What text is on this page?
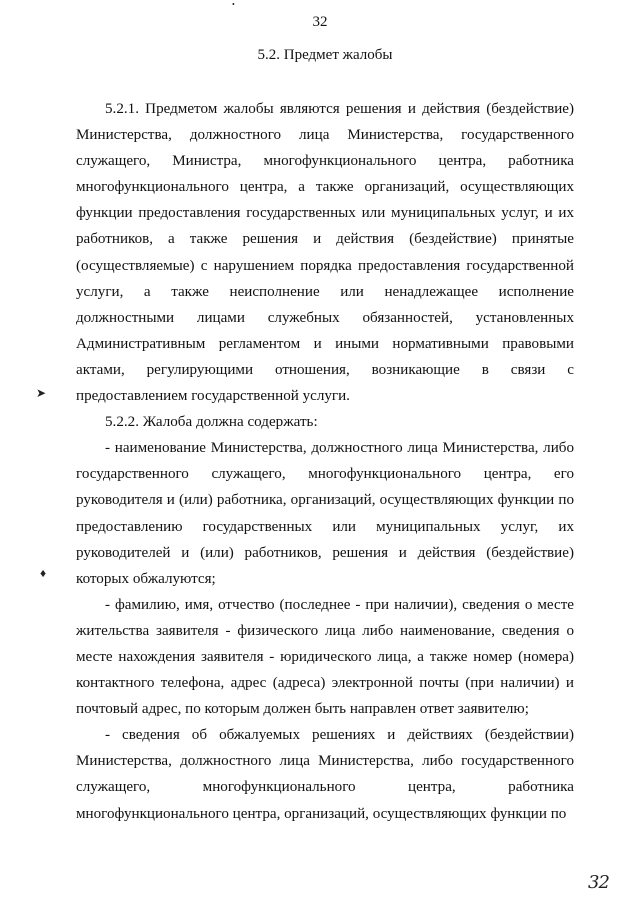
32
5.2. Предмет жалобы

5.2.1. Предметом жалобы являются решения и действия (бездействие) Министерства, должностного лица Министерства, государственного служащего, Министра, многофункционального центра, работника многофункционального центра, а также организаций, осуществляющих функции предоставления государственных или муниципальных услуг, и их работников, а также решения и действия (бездействие) принятые (осуществляемые) с нарушением порядка предоставления государственной услуги, а также неисполнение или ненадлежащее исполнение должностными лицами служебных обязанностей, установленных Административным регламентом и иными нормативными правовыми актами, регулирующими отношения, возникающие в связи с предоставлением государственной услуги.

5.2.2. Жалоба должна содержать:

- наименование Министерства, должностного лица Министерства, либо государственного служащего, многофункционального центра, его руководителя и (или) работника, организаций, осуществляющих функции по предоставлению государственных или муниципальных услуг, их руководителей и (или) работников, решения и действия (бездействие) которых обжалуются;

- фамилию, имя, отчество (последнее - при наличии), сведения о месте жительства заявителя - физического лица либо наименование, сведения о месте нахождения заявителя - юридического лица, а также номер (номера) контактного телефона, адрес (адреса) электронной почты (при наличии) и почтовый адрес, по которым должен быть направлен ответ заявителю;

- сведения об обжалуемых решениях и действиях (бездействии) Министерства, должностного лица Министерства, либо государственного служащего, многофункционального центра, работника многофункционального центра, организаций, осуществляющих функции по

➤
♦
•
32
